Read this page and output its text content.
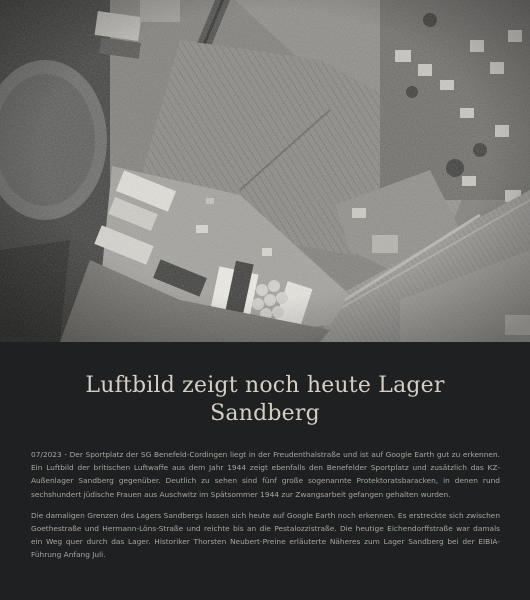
Luftbild zeigt noch heute Lager Sandberg

07/2023 - Der Sportplatz der SG Benefeld-Cordingen liegt in der Freudenthalstraße und ist auf Google Earth gut zu erkennen. Ein Luftbild der britischen Luftwaffe aus dem Jahr 1944 zeigt ebenfalls den Benefelder Sportplatz und zusätzlich das KZ-Außenlager Sandberg gegenüber. Deutlich zu sehen sind fünf große sogenannte Protektoratsbaracken, in denen rund sechshundert jüdische Frauen aus Auschwitz im Spätsommer 1944 zur Zwangsarbeit gefangen gehalten wurden.

Die damaligen Grenzen des Lagers Sandbergs lassen sich heute auf Google Earth noch erkennen. Es erstreckte sich zwischen Goethestraße und Hermann-Löns-Straße und reichte bis an die Pestalozzistraße. Die heutige Eichendorffstraße war damals ein Weg quer durch das Lager. Historiker Thorsten Neubert-Preine erläuterte Näheres zum Lager Sandberg bei der EIBIA-Führung Anfang Juli.
